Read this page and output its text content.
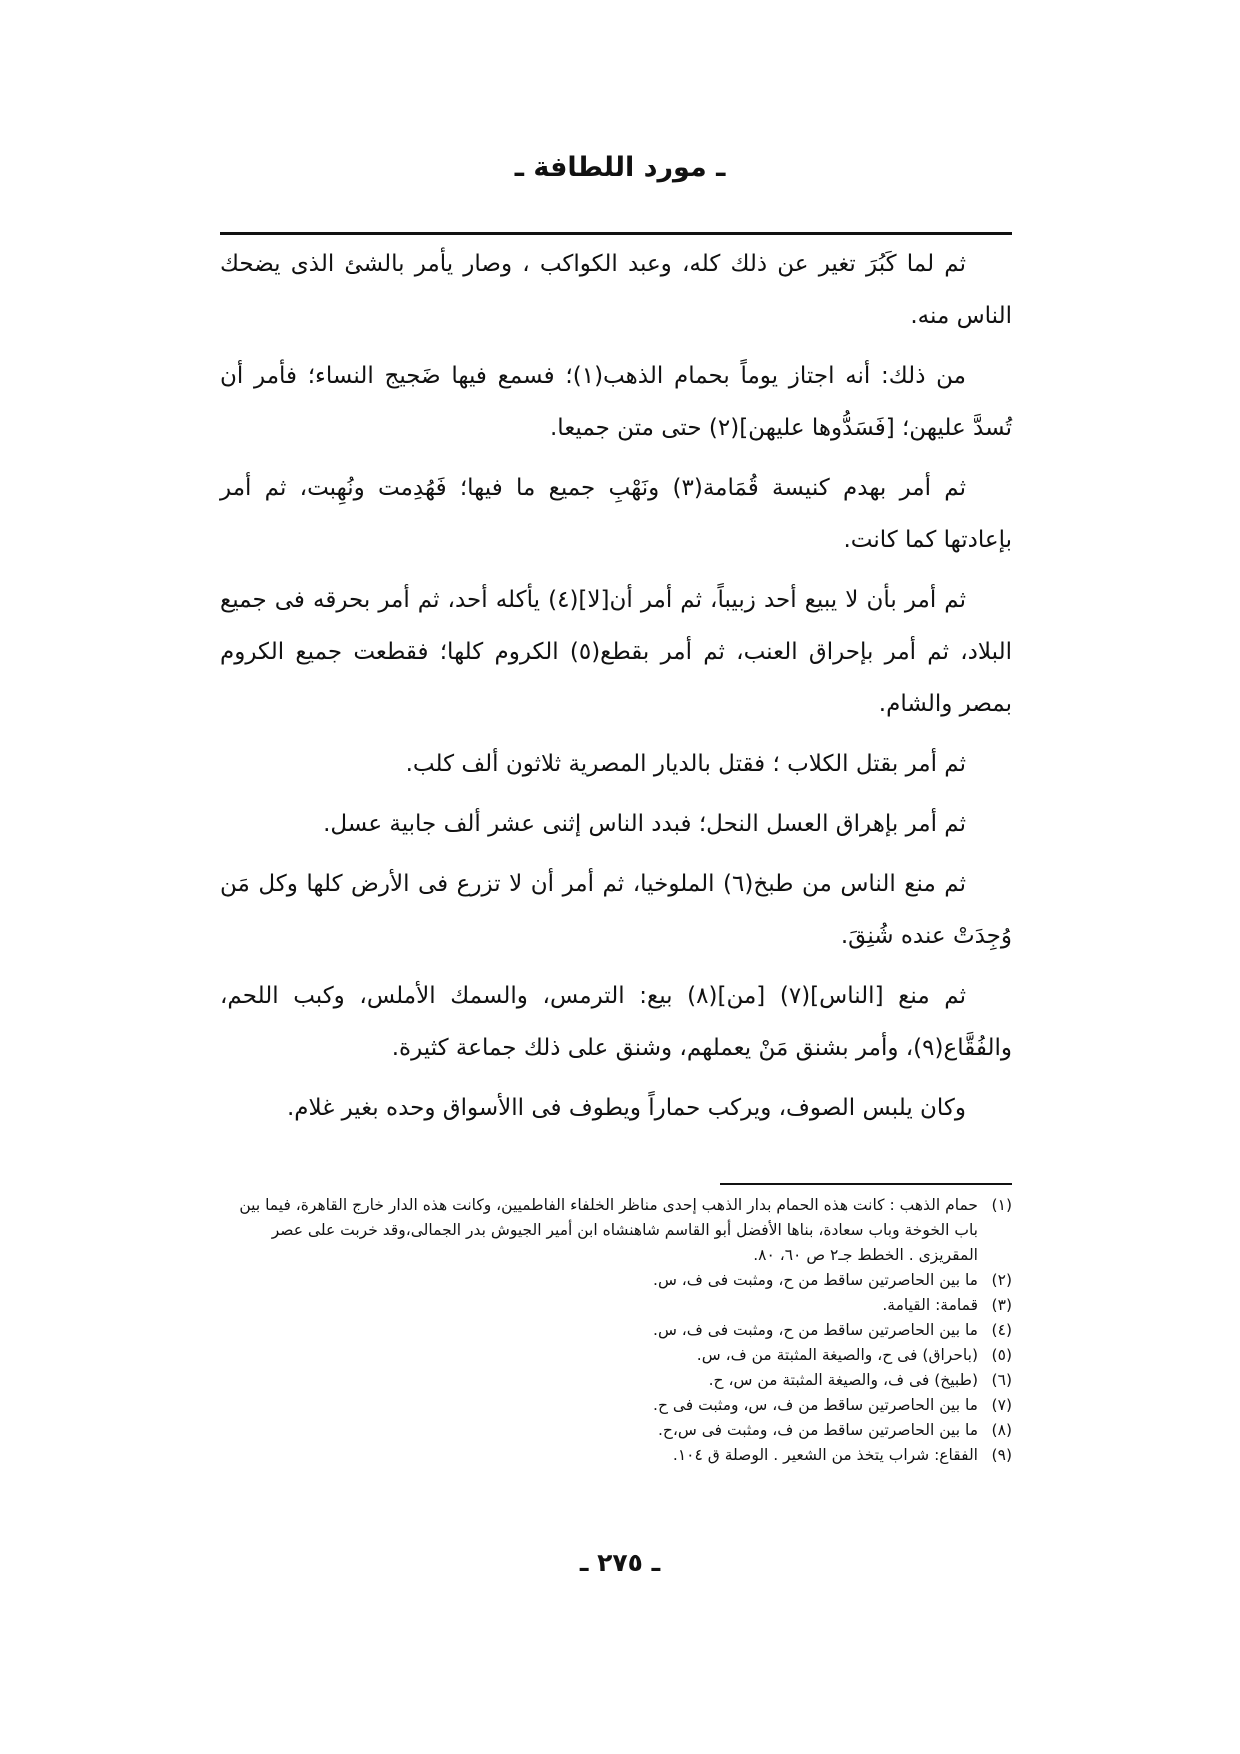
ـ مورد اللطافة ـ

ثم لما كَبُرَ تغير عن ذلك كله، وعبد الكواكب ، وصار يأمر بالشئ الذى يضحك الناس منه.

من ذلك: أنه اجتاز يوماً بحمام الذهب(١)؛ فسمع فيها ضَجيج النساء؛ فأمر أن تُسدَّ عليهن؛ [فَسَدُّوها عليهن](٢) حتى متن جميعا.

ثم أمر بهدم كنيسة قُمَامة(٣) ونَهْبِ جميع ما فيها؛ فَهُدِمت ونُهِبت، ثم أمر بإعادتها كما كانت.

ثم أمر بأن لا يبيع أحد زبيباً، ثم أمر أن[لا](٤) يأكله أحد، ثم أمر بحرقه فى جميع البلاد، ثم أمر بإحراق العنب، ثم أمر بقطع(٥) الكروم كلها؛ فقطعت جميع الكروم بمصر والشام.

ثم أمر بقتل الكلاب ؛ فقتل بالديار المصرية ثلاثون ألف كلب.

ثم أمر بإهراق العسل النحل؛ فبدد الناس إثنى عشر ألف جابية عسل.

ثم منع الناس من طبخ(٦) الملوخيا، ثم أمر أن لا تزرع فى الأرض كلها وكل مَن وُجِدَتْ عنده شُنِقَ.

ثم منع [الناس](٧) [من](٨) بيع: الترمس، والسمك الأملس، وكبب اللحم، والفُقَّاع(٩)، وأمر بشنق مَنْ يعملهم، وشنق على ذلك جماعة كثيرة.

وكان يلبس الصوف، ويركب حماراً ويطوف فى االأسواق وحده بغير غلام.

(١)
حمام الذهب : كانت هذه الحمام بدار الذهب إحدى مناظر الخلفاء الفاطميين، وكانت هذه الدار خارج القاهرة، فيما بين باب الخوخة وباب سعادة، بناها الأفضل أبو القاسم شاهنشاه ابن أمير الجيوش بدر الجمالى،وقد خربت على عصر المقريزى . الخطط جـ٢ ص ٦٠، ٨٠.

(٢)
ما بين الحاصرتين ساقط من ح، ومثبت فى ف، س.

(٣)
قمامة: القيامة.

(٤)
ما بين الحاصرتين ساقط من ح، ومثبت فى ف، س.

(٥)
(باحراق) فى ح، والصيغة المثبتة من ف، س.

(٦)
(طبيخ) فى ف، والصيغة المثبتة من س، ح.

(٧)
ما بين الحاصرتين ساقط من ف، س، ومثبت فى ح.

(٨)
ما بين الحاصرتين ساقط من ف، ومثبت فى س،ح.

(٩)
الفقاع: شراب يتخذ من الشعير . الوصلة ق ١٠٤.

ـ ٢٧٥ ـ
